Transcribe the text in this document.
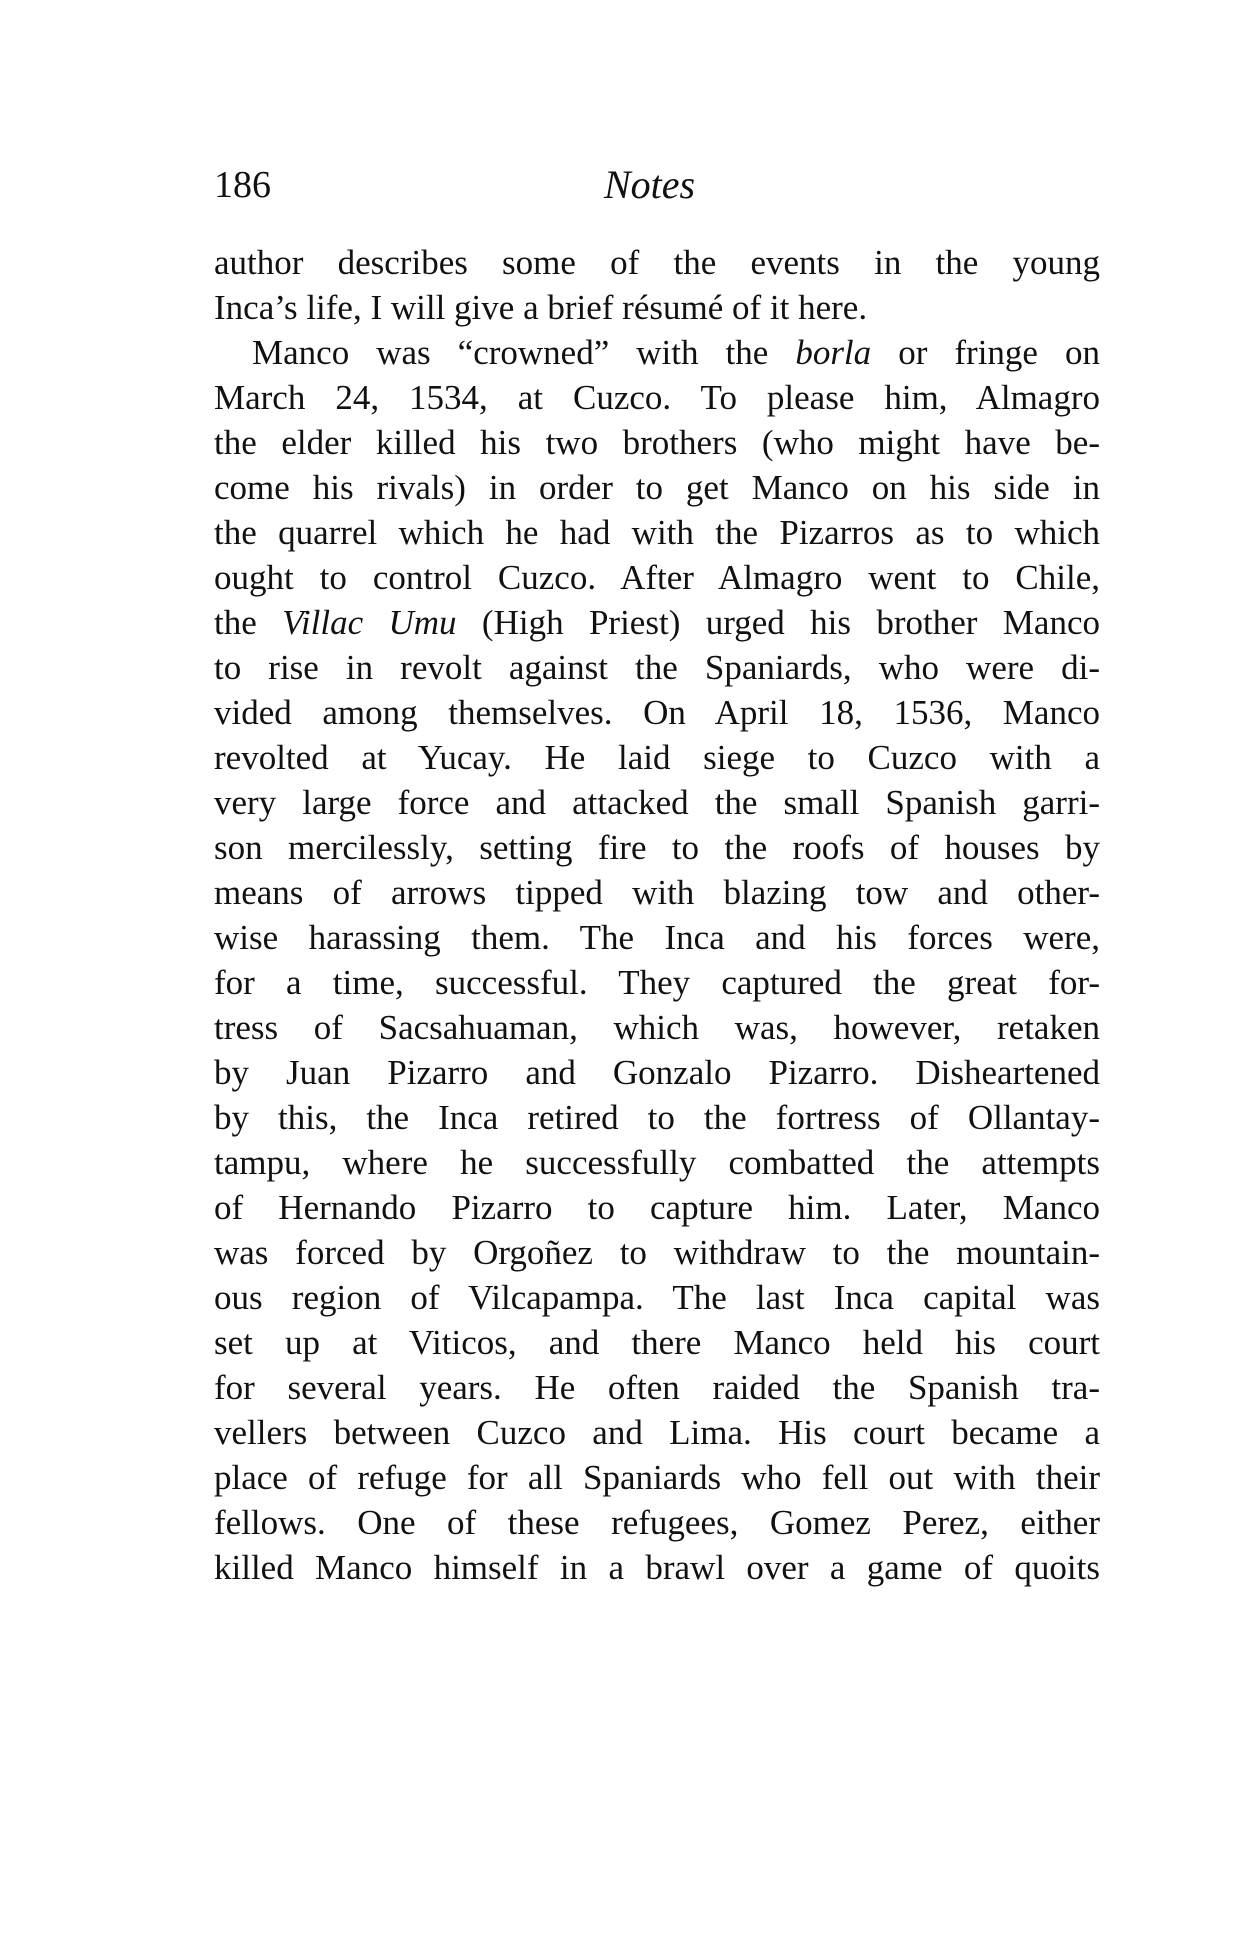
186	Notes
author describes some of the events in the young
Inca’s life, I will give a brief résumé of it here.
Manco was “crowned” with the borla or fringe on
March 24, 1534, at Cuzco. To please him, Almagro
the elder killed his two brothers (who might have be-
come his rivals) in order to get Manco on his side in
the quarrel which he had with the Pizarros as to which
ought to control Cuzco. After Almagro went to Chile,
the Villac Umu (High Priest) urged his brother Manco
to rise in revolt against the Spaniards, who were di-
vided among themselves. On April 18, 1536, Manco
revolted at Yucay. He laid siege to Cuzco with a
very large force and attacked the small Spanish garri-
son mercilessly, setting fire to the roofs of houses by
means of arrows tipped with blazing tow and other-
wise harassing them. The Inca and his forces were,
for a time, successful. They captured the great for-
tress of Sacsahuaman, which was, however, retaken
by Juan Pizarro and Gonzalo Pizarro. Disheartened
by this, the Inca retired to the fortress of Ollantay-
tampu, where he successfully combatted the attempts
of Hernando Pizarro to capture him. Later, Manco
was forced by Orgoñez to withdraw to the mountain-
ous region of Vilcapampa. The last Inca capital was
set up at Viticos, and there Manco held his court
for several years. He often raided the Spanish tra-
vellers between Cuzco and Lima. His court became a
place of refuge for all Spaniards who fell out with their
fellows. One of these refugees, Gomez Perez, either
killed Manco himself in a brawl over a game of quoits
